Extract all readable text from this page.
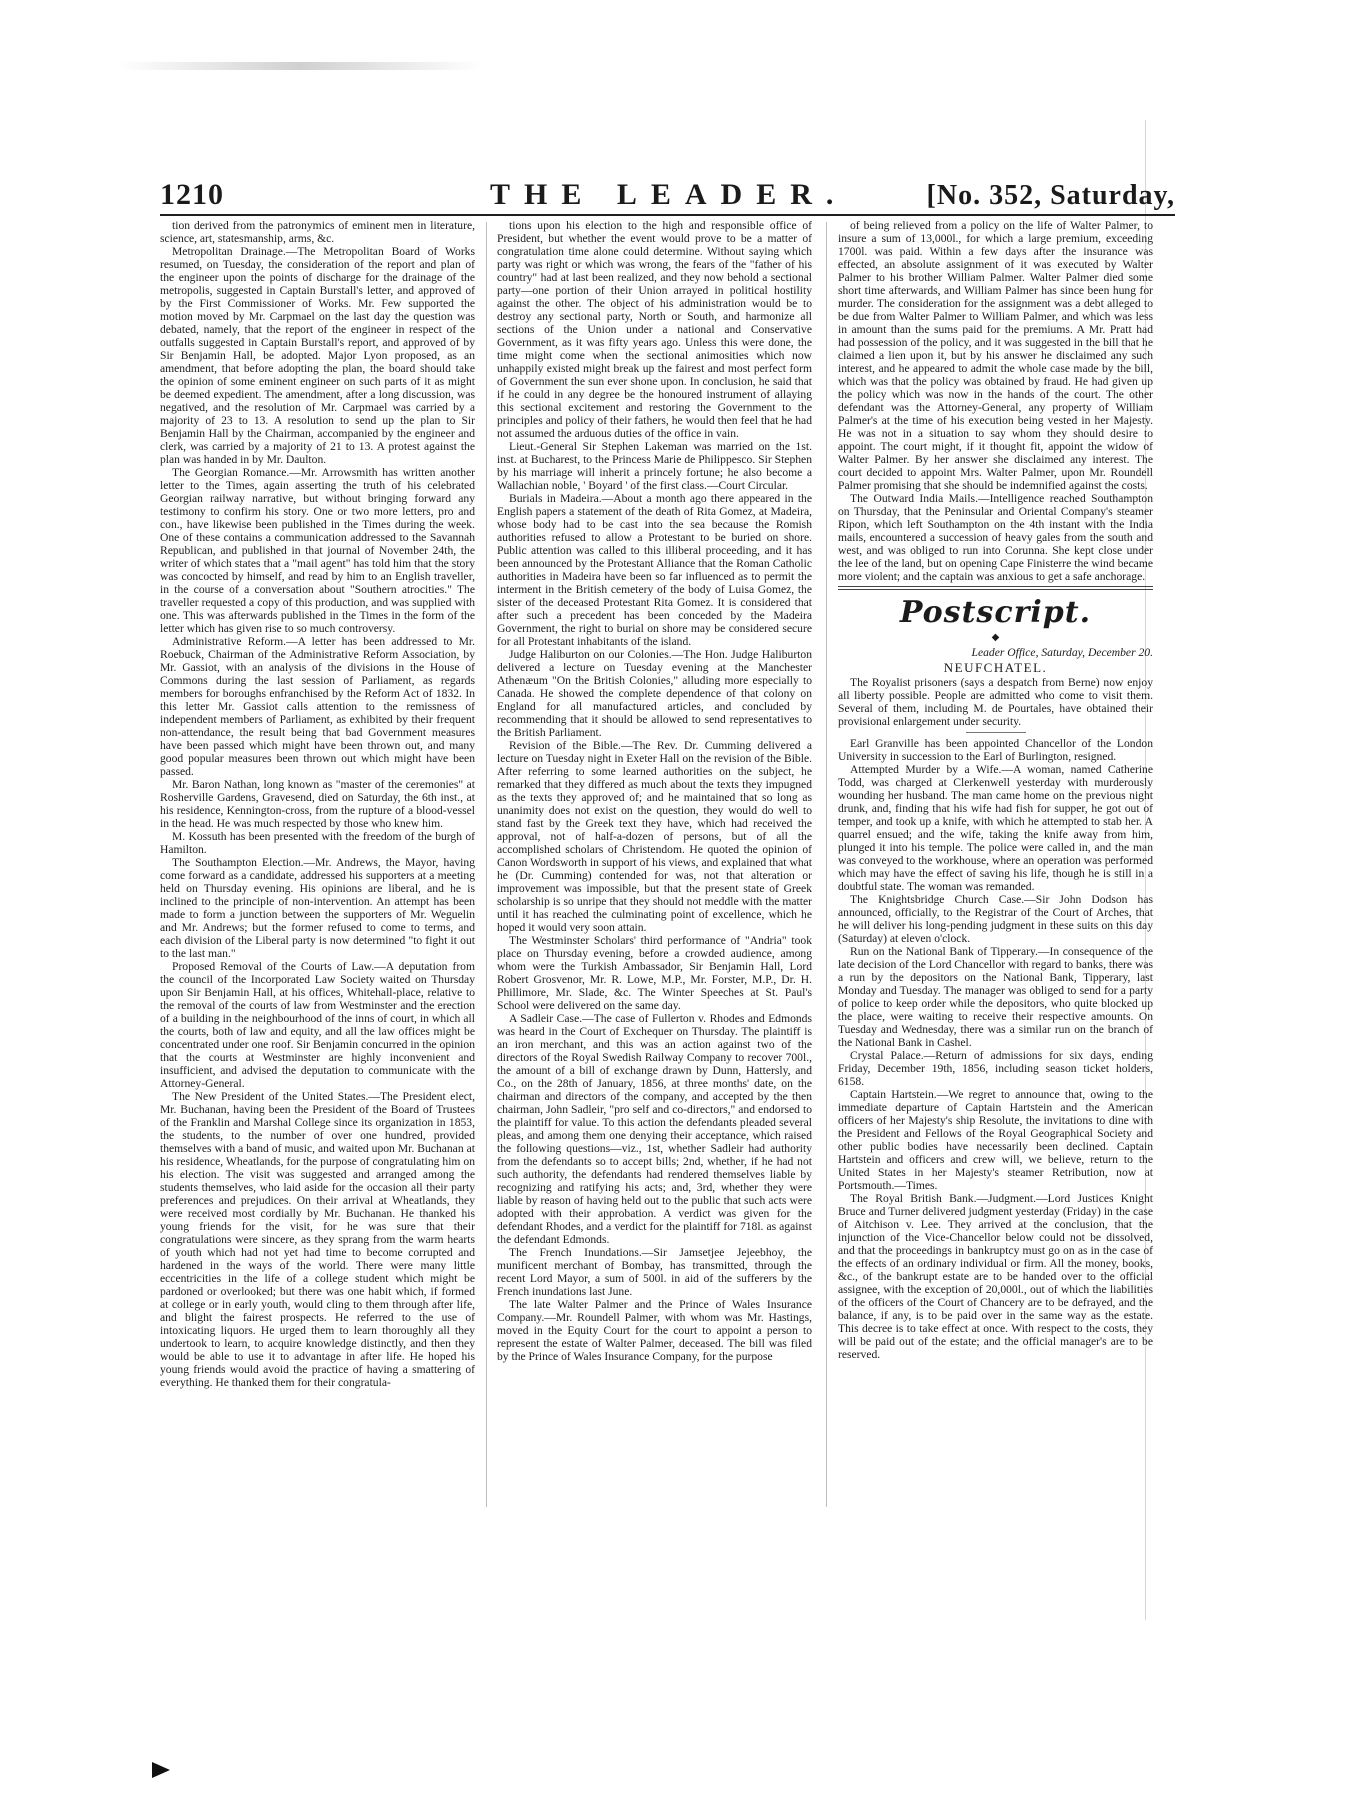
1210	THE LEADER.	[No. 352, Saturday,

tion derived from the patronymics of eminent men in literature, science, art, statesmanship, arms, &c.

Metropolitan Drainage.—The Metropolitan Board of Works resumed, on Tuesday, the consideration of the report and plan of the engineer upon the points of discharge for the drainage of the metropolis, suggested in Captain Burstall's letter, and approved of by the First Commissioner of Works. Mr. Few supported the motion moved by Mr. Carpmael on the last day the question was debated, namely, that the report of the engineer in respect of the outfalls suggested in Captain Burstall's report, and approved of by Sir Benjamin Hall, be adopted. Major Lyon proposed, as an amendment, that before adopting the plan, the board should take the opinion of some eminent engineer on such parts of it as might be deemed expedient. The amendment, after a long discussion, was negatived, and the resolution of Mr. Carpmael was carried by a majority of 23 to 13. A resolution to send up the plan to Sir Benjamin Hall by the Chairman, accompanied by the engineer and clerk, was carried by a majority of 21 to 13. A protest against the plan was handed in by Mr. Daulton.

The Georgian Romance.—Mr. Arrowsmith has written another letter to the Times, again asserting the truth of his celebrated Georgian railway narrative, but without bringing forward any testimony to confirm his story. One or two more letters, pro and con., have likewise been published in the Times during the week. One of these contains a communication addressed to the Savannah Republican, and published in that journal of November 24th, the writer of which states that a "mail agent" has told him that the story was concocted by himself, and read by him to an English traveller, in the course of a conversation about "Southern atrocities." The traveller requested a copy of this production, and was supplied with one. This was afterwards published in the Times in the form of the letter which has given rise to so much controversy.

Administrative Reform.—A letter has been addressed to Mr. Roebuck, Chairman of the Administrative Reform Association, by Mr. Gassiot, with an analysis of the divisions in the House of Commons during the last session of Parliament, as regards members for boroughs enfranchised by the Reform Act of 1832. In this letter Mr. Gassiot calls attention to the remissness of independent members of Parliament, as exhibited by their frequent non-attendance, the result being that bad Government measures have been passed which might have been thrown out, and many good popular measures been thrown out which might have been passed.

Mr. Baron Nathan, long known as "master of the ceremonies" at Rosherville Gardens, Gravesend, died on Saturday, the 6th inst., at his residence, Kennington-cross, from the rupture of a blood-vessel in the head. He was much respected by those who knew him.

M. Kossuth has been presented with the freedom of the burgh of Hamilton.

The Southampton Election.—Mr. Andrews, the Mayor, having come forward as a candidate, addressed his supporters at a meeting held on Thursday evening. His opinions are liberal, and he is inclined to the principle of non-intervention. An attempt has been made to form a junction between the supporters of Mr. Weguelin and Mr. Andrews; but the former refused to come to terms, and each division of the Liberal party is now determined "to fight it out to the last man."

Proposed Removal of the Courts of Law.—A deputation from the council of the Incorporated Law Society waited on Thursday upon Sir Benjamin Hall, at his offices, Whitehall-place, relative to the removal of the courts of law from Westminster and the erection of a building in the neighbourhood of the inns of court, in which all the courts, both of law and equity, and all the law offices might be concentrated under one roof. Sir Benjamin concurred in the opinion that the courts at Westminster are highly inconvenient and insufficient, and advised the deputation to communicate with the Attorney-General.

The New President of the United States.—The President elect, Mr. Buchanan, having been the President of the Board of Trustees of the Franklin and Marshal College since its organization in 1853, the students, to the number of over one hundred, provided themselves with a band of music, and waited upon Mr. Buchanan at his residence, Wheatlands, for the purpose of congratulating him on his election. The visit was suggested and arranged among the students themselves, who laid aside for the occasion all their party preferences and prejudices. On their arrival at Wheatlands, they were received most cordially by Mr. Buchanan. He thanked his young friends for the visit, for he was sure that their congratulations were sincere, as they sprang from the warm hearts of youth which had not yet had time to become corrupted and hardened in the ways of the world. There were many little eccentricities in the life of a college student which might be pardoned or overlooked; but there was one habit which, if formed at college or in early youth, would cling to them through after life, and blight the fairest prospects. He referred to the use of intoxicating liquors. He urged them to learn thoroughly all they undertook to learn, to acquire knowledge distinctly, and then they would be able to use it to advantage in after life. He hoped his young friends would avoid the practice of having a smattering of everything. He thanked them for their congratula-

tions upon his election to the high and responsible office of President, but whether the event would prove to be a matter of congratulation time alone could determine. Without saying which party was right or which was wrong, the fears of the "father of his country" had at last been realized, and they now behold a sectional party—one portion of their Union arrayed in political hostility against the other. The object of his administration would be to destroy any sectional party, North or South, and harmonize all sections of the Union under a national and Conservative Government, as it was fifty years ago. Unless this were done, the time might come when the sectional animosities which now unhappily existed might break up the fairest and most perfect form of Government the sun ever shone upon. In conclusion, he said that if he could in any degree be the honoured instrument of allaying this sectional excitement and restoring the Government to the principles and policy of their fathers, he would then feel that he had not assumed the arduous duties of the office in vain.

Lieut.-General Sir Stephen Lakeman was married on the 1st. inst. at Bucharest, to the Princess Marie de Philippesco. Sir Stephen by his marriage will inherit a princely fortune; he also become a Wallachian noble, ' Boyard ' of the first class.—Court Circular.

Burials in Madeira.—About a month ago there appeared in the English papers a statement of the death of Rita Gomez, at Madeira, whose body had to be cast into the sea because the Romish authorities refused to allow a Protestant to be buried on shore. Public attention was called to this illiberal proceeding, and it has been announced by the Protestant Alliance that the Roman Catholic authorities in Madeira have been so far influenced as to permit the interment in the British cemetery of the body of Luisa Gomez, the sister of the deceased Protestant Rita Gomez. It is considered that after such a precedent has been conceded by the Madeira Government, the right to burial on shore may be considered secure for all Protestant inhabitants of the island.

Judge Haliburton on our Colonies.—The Hon. Judge Haliburton delivered a lecture on Tuesday evening at the Manchester Athenæum "On the British Colonies," alluding more especially to Canada. He showed the complete dependence of that colony on England for all manufactured articles, and concluded by recommending that it should be allowed to send representatives to the British Parliament.

Revision of the Bible.—The Rev. Dr. Cumming delivered a lecture on Tuesday night in Exeter Hall on the revision of the Bible. After referring to some learned authorities on the subject, he remarked that they differed as much about the texts they impugned as the texts they approved of; and he maintained that so long as unanimity does not exist on the question, they would do well to stand fast by the Greek text they have, which had received the approval, not of half-a-dozen of persons, but of all the accomplished scholars of Christendom. He quoted the opinion of Canon Wordsworth in support of his views, and explained that what he (Dr. Cumming) contended for was, not that alteration or improvement was impossible, but that the present state of Greek scholarship is so unripe that they should not meddle with the matter until it has reached the culminating point of excellence, which he hoped it would very soon attain.

The Westminster Scholars' third performance of "Andria" took place on Thursday evening, before a crowded audience, among whom were the Turkish Ambassador, Sir Benjamin Hall, Lord Robert Grosvenor, Mr. R. Lowe, M.P., Mr. Forster, M.P., Dr. H. Phillimore, Mr. Slade, &c. The Winter Speeches at St. Paul's School were delivered on the same day.

A Sadleir Case.—The case of Fullerton v. Rhodes and Edmonds was heard in the Court of Exchequer on Thursday. The plaintiff is an iron merchant, and this was an action against two of the directors of the Royal Swedish Railway Company to recover 700l., the amount of a bill of exchange drawn by Dunn, Hattersly, and Co., on the 28th of January, 1856, at three months' date, on the chairman and directors of the company, and accepted by the then chairman, John Sadleir, "pro self and co-directors," and endorsed to the plaintiff for value. To this action the defendants pleaded several pleas, and among them one denying their acceptance, which raised the following questions—viz., 1st, whether Sadleir had authority from the defendants so to accept bills; 2nd, whether, if he had not such authority, the defendants had rendered themselves liable by recognizing and ratifying his acts; and, 3rd, whether they were liable by reason of having held out to the public that such acts were adopted with their approbation. A verdict was given for the defendant Rhodes, and a verdict for the plaintiff for 718l. as against the defendant Edmonds.

The French Inundations.—Sir Jamsetjee Jejeebhoy, the munificent merchant of Bombay, has transmitted, through the recent Lord Mayor, a sum of 500l. in aid of the sufferers by the French inundations last June.

The late Walter Palmer and the Prince of Wales Insurance Company.—Mr. Roundell Palmer, with whom was Mr. Hastings, moved in the Equity Court for the court to appoint a person to represent the estate of Walter Palmer, deceased. The bill was filed by the Prince of Wales Insurance Company, for the purpose

of being relieved from a policy on the life of Walter Palmer, to insure a sum of 13,000l., for which a large premium, exceeding 1700l. was paid. Within a few days after the insurance was effected, an absolute assignment of it was executed by Walter Palmer to his brother William Palmer. Walter Palmer died some short time afterwards, and William Palmer has since been hung for murder. The consideration for the assignment was a debt alleged to be due from Walter Palmer to William Palmer, and which was less in amount than the sums paid for the premiums. A Mr. Pratt had had possession of the policy, and it was suggested in the bill that he claimed a lien upon it, but by his answer he disclaimed any such interest, and he appeared to admit the whole case made by the bill, which was that the policy was obtained by fraud. He had given up the policy which was now in the hands of the court. The other defendant was the Attorney-General, any property of William Palmer's at the time of his execution being vested in her Majesty. He was not in a situation to say whom they should desire to appoint. The court might, if it thought fit, appoint the widow of Walter Palmer. By her answer she disclaimed any interest. The court decided to appoint Mrs. Walter Palmer, upon Mr. Roundell Palmer promising that she should be indemnified against the costs.

The Outward India Mails.—Intelligence reached Southampton on Thursday, that the Peninsular and Oriental Company's steamer Ripon, which left Southampton on the 4th instant with the India mails, encountered a succession of heavy gales from the south and west, and was obliged to run into Corunna. She kept close under the lee of the land, but on opening Cape Finisterre the wind became more violent; and the captain was anxious to get a safe anchorage.

Postscript.
◆
Leader Office, Saturday, December 20.
NEUFCHATEL.

The Royalist prisoners (says a despatch from Berne) now enjoy all liberty possible. People are admitted who come to visit them. Several of them, including M. de Pourtales, have obtained their provisional enlargement under security.

Earl Granville has been appointed Chancellor of the London University in succession to the Earl of Burlington, resigned.

Attempted Murder by a Wife.—A woman, named Catherine Todd, was charged at Clerkenwell yesterday with murderously wounding her husband. The man came home on the previous night drunk, and, finding that his wife had fish for supper, he got out of temper, and took up a knife, with which he attempted to stab her. A quarrel ensued; and the wife, taking the knife away from him, plunged it into his temple. The police were called in, and the man was conveyed to the workhouse, where an operation was performed which may have the effect of saving his life, though he is still in a doubtful state. The woman was remanded.

The Knightsbridge Church Case.—Sir John Dodson has announced, officially, to the Registrar of the Court of Arches, that he will deliver his long-pending judgment in these suits on this day (Saturday) at eleven o'clock.

Run on the National Bank of Tipperary.—In consequence of the late decision of the Lord Chancellor with regard to banks, there was a run by the depositors on the National Bank, Tipperary, last Monday and Tuesday. The manager was obliged to send for a party of police to keep order while the depositors, who quite blocked up the place, were waiting to receive their respective amounts. On Tuesday and Wednesday, there was a similar run on the branch of the National Bank in Cashel.

Crystal Palace.—Return of admissions for six days, ending Friday, December 19th, 1856, including season ticket holders, 6158.

Captain Hartstein.—We regret to announce that, owing to the immediate departure of Captain Hartstein and the American officers of her Majesty's ship Resolute, the invitations to dine with the President and Fellows of the Royal Geographical Society and other public bodies have necessarily been declined. Captain Hartstein and officers and crew will, we believe, return to the United States in her Majesty's steamer Retribution, now at Portsmouth.—Times.

The Royal British Bank.—Judgment.—Lord Justices Knight Bruce and Turner delivered judgment yesterday (Friday) in the case of Aitchison v. Lee. They arrived at the conclusion, that the injunction of the Vice-Chancellor below could not be dissolved, and that the proceedings in bankruptcy must go on as in the case of the effects of an ordinary individual or firm. All the money, books, &c., of the bankrupt estate are to be handed over to the official assignee, with the exception of 20,000l., out of which the liabilities of the officers of the Court of Chancery are to be defrayed, and the balance, if any, is to be paid over in the same way as the estate. This decree is to take effect at once. With respect to the costs, they will be paid out of the estate; and the official manager's are to be reserved.
